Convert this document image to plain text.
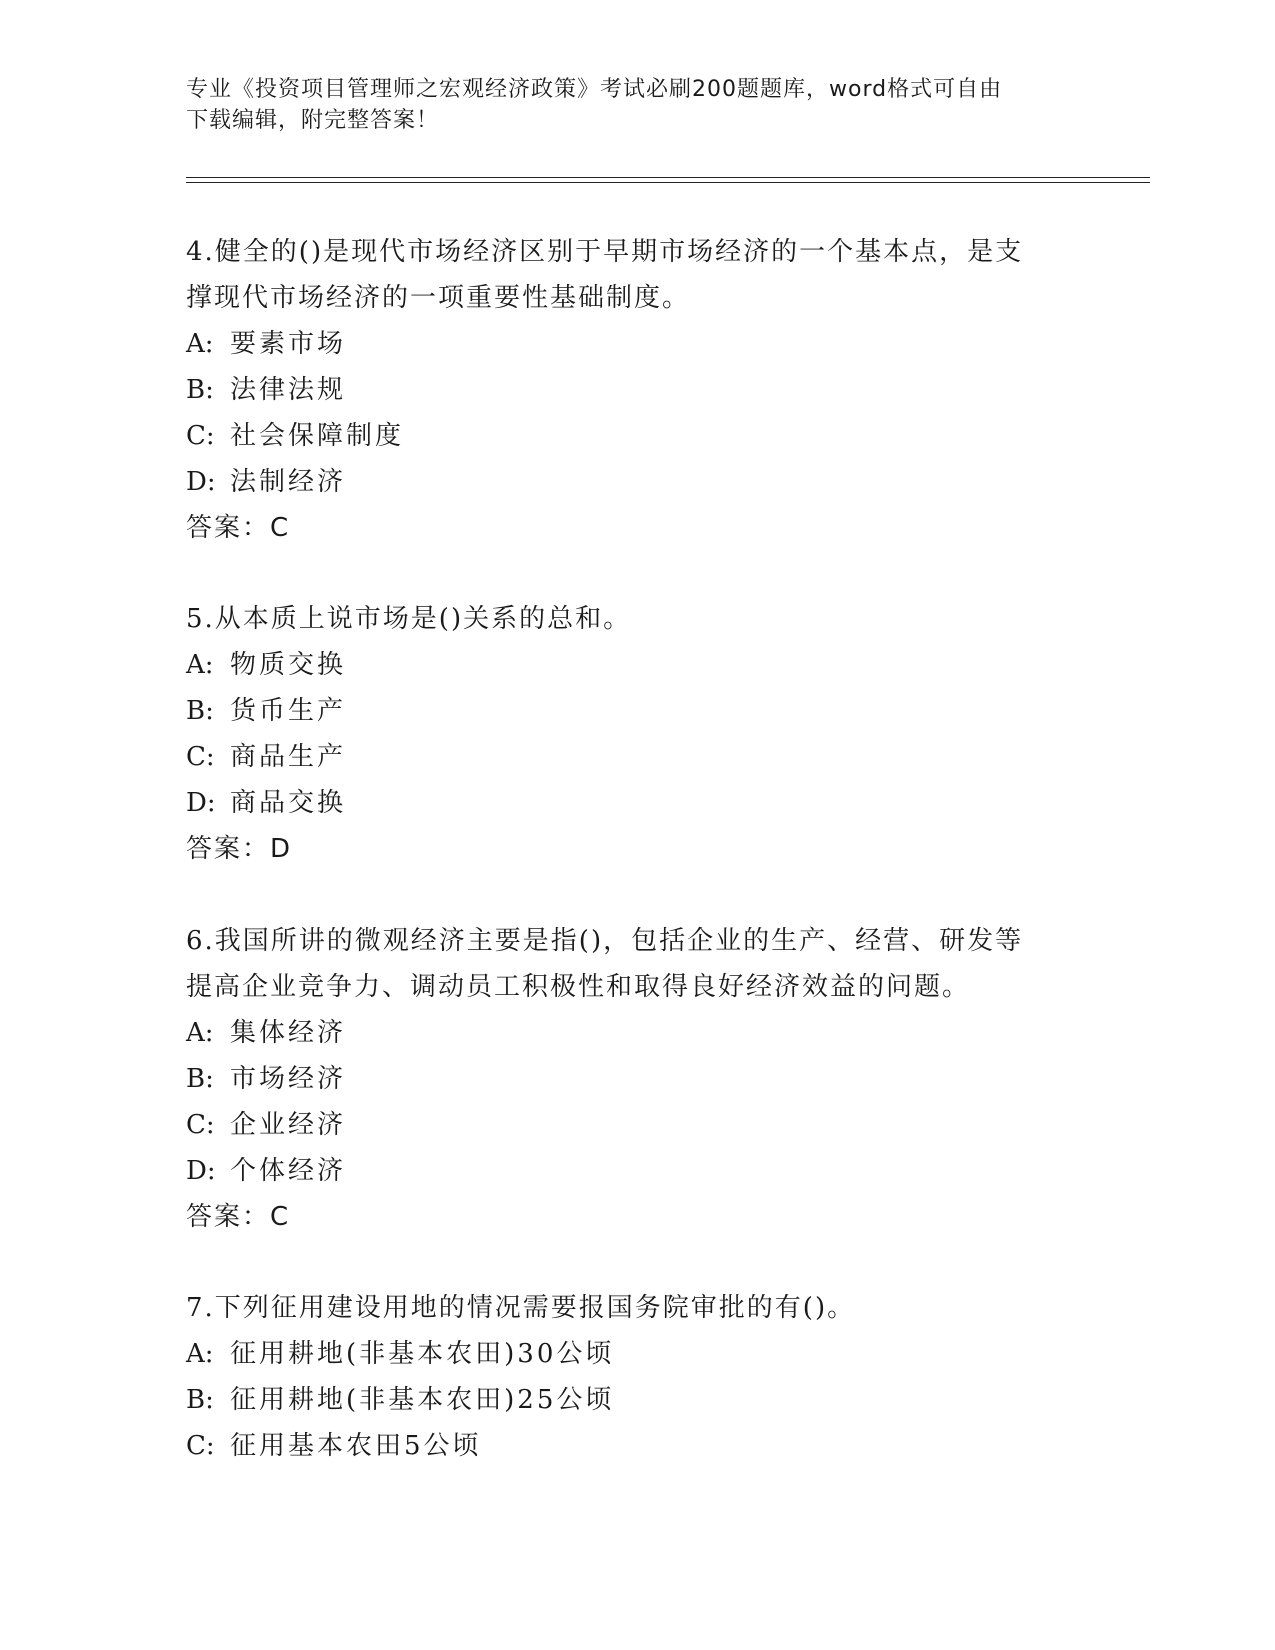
专业《投资项目管理师之宏观经济政策》考试必刷200题题库，word格式可自由
下载编辑，附完整答案！

4.健全的()是现代市场经济区别于早期市场经济的一个基本点，是支

撑现代市场经济的一项重要性基础制度。

A: 要素市场

B: 法律法规

C: 社会保障制度

D: 法制经济

答案：C

5.从本质上说市场是()关系的总和。

A: 物质交换

B: 货币生产

C: 商品生产

D: 商品交换

答案：D

6.我国所讲的微观经济主要是指()，包括企业的生产、经营、研发等

提高企业竞争力、调动员工积极性和取得良好经济效益的问题。

A: 集体经济

B: 市场经济

C: 企业经济

D: 个体经济

答案：C

7.下列征用建设用地的情况需要报国务院审批的有()。

A: 征用耕地(非基本农田)30公顷

B: 征用耕地(非基本农田)25公顷

C: 征用基本农田5公顷
